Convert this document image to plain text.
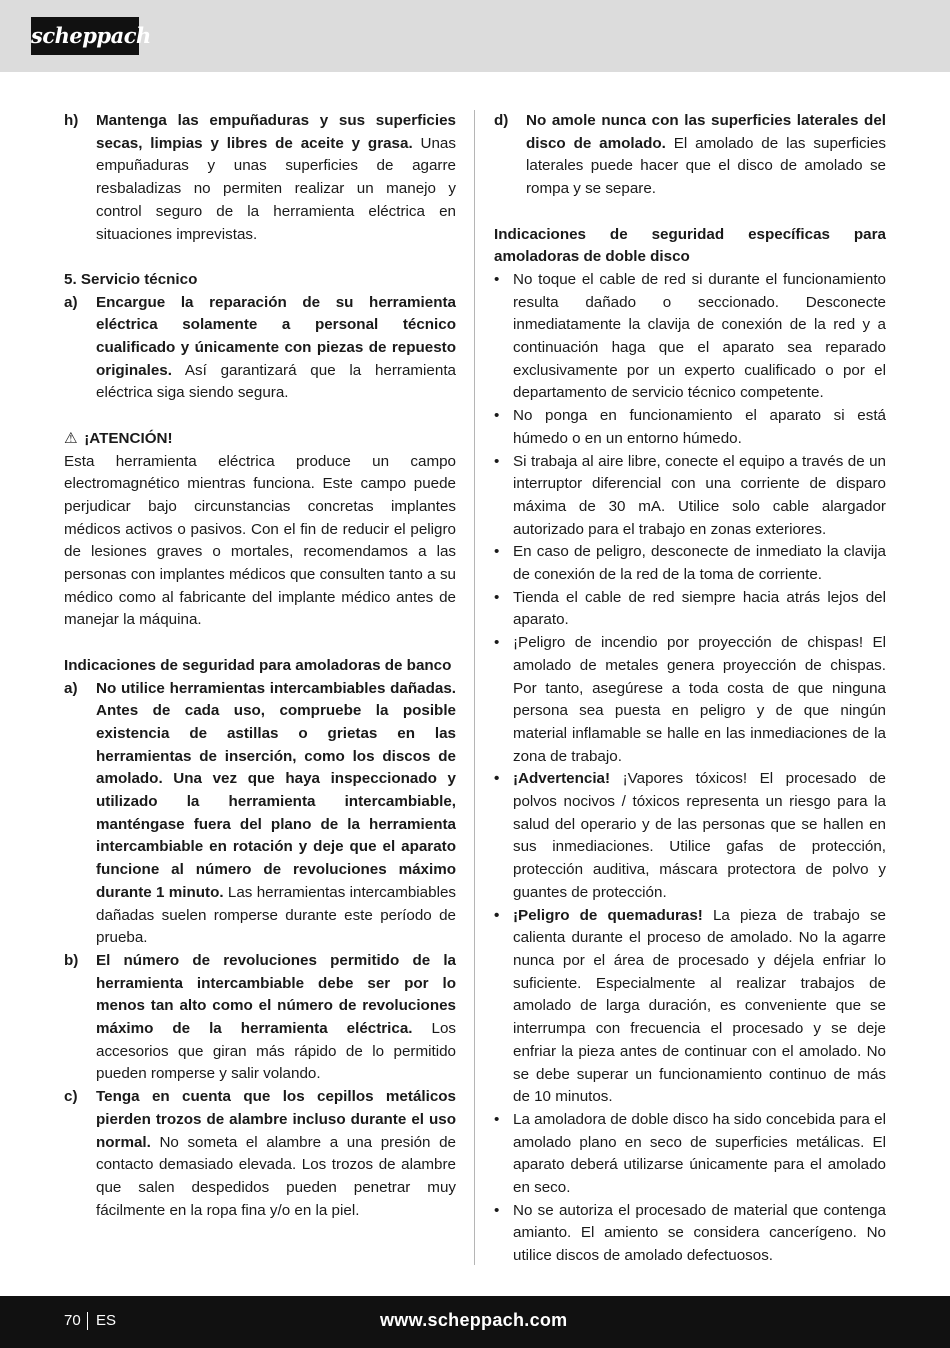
scheppach
h)	Mantenga las empuñaduras y sus superficies secas, limpias y libres de aceite y grasa. Unas empuñaduras y unas superficies de agarre resbaladizas no permiten realizar un manejo y control seguro de la herramienta eléctrica en situaciones imprevistas.
5. Servicio técnico
a)	Encargue la reparación de su herramienta eléctrica solamente a personal técnico cualificado y únicamente con piezas de repuesto originales. Así garantizará que la herramienta eléctrica siga siendo segura.
⚠ ¡ATENCIÓN!
Esta herramienta eléctrica produce un campo electromagnético mientras funciona. Este campo puede perjudicar bajo circunstancias concretas implantes médicos activos o pasivos. Con el fin de reducir el peligro de lesiones graves o mortales, recomendamos a las personas con implantes médicos que consulten tanto a su médico como al fabricante del implante médico antes de manejar la máquina.
Indicaciones de seguridad para amoladoras de banco
a)	No utilice herramientas intercambiables dañadas. Antes de cada uso, compruebe la posible existencia de astillas o grietas en las herramientas de inserción, como los discos de amolado. Una vez que haya inspeccionado y utilizado la herramienta intercambiable, manténgase fuera del plano de la herramienta intercambiable en rotación y deje que el aparato funcione al número de revoluciones máximo durante 1 minuto. Las herramientas intercambiables dañadas suelen romperse durante este período de prueba.
b)	El número de revoluciones permitido de la herramienta intercambiable debe ser por lo menos tan alto como el número de revoluciones máximo de la herramienta eléctrica. Los accesorios que giran más rápido de lo permitido pueden romperse y salir volando.
c)	Tenga en cuenta que los cepillos metálicos pierden trozos de alambre incluso durante el uso normal. No someta el alambre a una presión de contacto demasiado elevada. Los trozos de alambre que salen despedidos pueden penetrar muy fácilmente en la ropa fina y/o en la piel.
d)	No amole nunca con las superficies laterales del disco de amolado. El amolado de las superficies laterales puede hacer que el disco de amolado se rompa y se separe.
Indicaciones de seguridad específicas para amoladoras de doble disco
• No toque el cable de red si durante el funcionamiento resulta dañado o seccionado. Desconecte inmediatamente la clavija de conexión de la red y a continuación haga que el aparato sea reparado exclusivamente por un experto cualificado o por el departamento de servicio técnico competente.
• No ponga en funcionamiento el aparato si está húmedo o en un entorno húmedo.
• Si trabaja al aire libre, conecte el equipo a través de un interruptor diferencial con una corriente de disparo máxima de 30 mA. Utilice solo cable alargador autorizado para el trabajo en zonas exteriores.
• En caso de peligro, desconecte de inmediato la clavija de conexión de la red de la toma de corriente.
• Tienda el cable de red siempre hacia atrás lejos del aparato.
• ¡Peligro de incendio por proyección de chispas! El amolado de metales genera proyección de chispas. Por tanto, asegúrese a toda costa de que ninguna persona sea puesta en peligro y de que ningún material inflamable se halle en las inmediaciones de la zona de trabajo.
• ¡Advertencia! ¡Vapores tóxicos! El procesado de polvos nocivos / tóxicos representa un riesgo para la salud del operario y de las personas que se hallen en sus inmediaciones. Utilice gafas de protección, protección auditiva, máscara protectora de polvo y guantes de protección.
• ¡Peligro de quemaduras! La pieza de trabajo se calienta durante el proceso de amolado. No la agarre nunca por el área de procesado y déjela enfriar lo suficiente. Especialmente al realizar trabajos de amolado de larga duración, es conveniente que se interrumpa con frecuencia el procesado y se deje enfriar la pieza antes de continuar con el amolado. No se debe superar un funcionamiento continuo de más de 10 minutos.
• La amoladora de doble disco ha sido concebida para el amolado plano en seco de superficies metálicas. El aparato deberá utilizarse únicamente para el amolado en seco.
• No se autoriza el procesado de material que contenga amianto. El amiento se considera cancerígeno. No utilice discos de amolado defectuosos.
70 ES	www.scheppach.com
